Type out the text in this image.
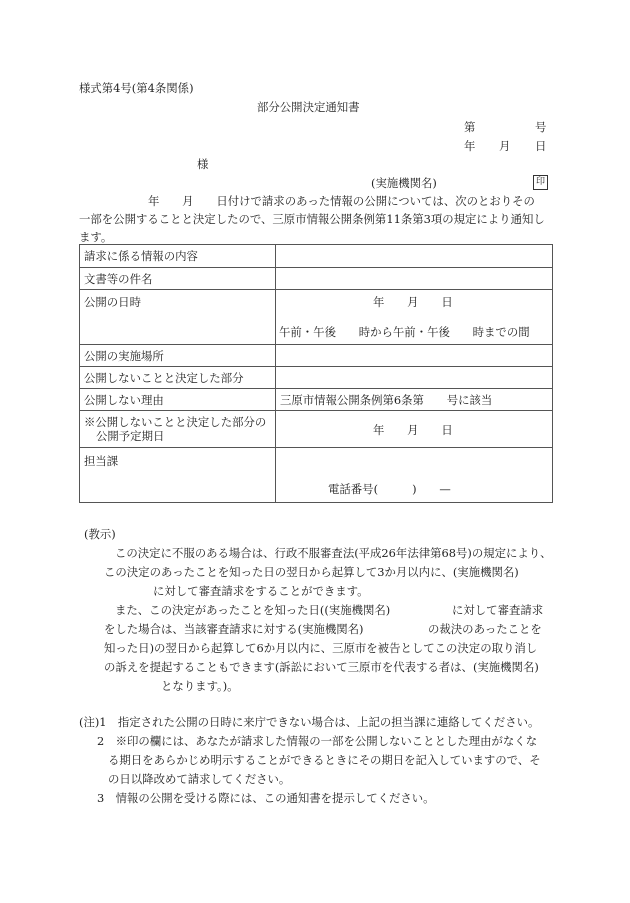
様式第4号(第4条関係)
部分公開決定通知書
第	号
年 月 日
様
(実施機関名)	印
年　　月　　日付けで請求のあった情報の公開については、次のとおりその
一部を公開することと決定したので、三原市情報公開条例第11条第3項の規定により通知し
ます。
請求に係る情報の内容	
文書等の件名	
公開の日時	年　　月　　日
午前・午後　　時から午前・午後　　時までの間

公開の実施場所	
公開しないことと決定した部分	
公開しない理由	三原市情報公開条例第6条第　　号に該当

※公開しないことと決定した部分の
公開予定期日	年　　月　　日

担当課	電話番号(　　　)　　—
(教示)
この決定に不服のある場合は、行政不服審査法(平成26年法律第68号)の規定により、
この決定のあったことを知った日の翌日から起算して3か月以内に、(実施機関名)
に対して審査請求をすることができます。
また、この決定があったことを知った日((実施機関名)	に対して審査請求
をした場合は、当該審査請求に対する(実施機関名)	の裁決のあったことを
知った日)の翌日から起算して6か月以内に、三原市を被告としてこの決定の取り消し
の訴えを提起することもできます(訴訟において三原市を代表する者は、(実施機関名)
となります。)。
(注)1　指定された公開の日時に来庁できない場合は、上記の担当課に連絡してください。
2　※印の欄には、あなたが請求した情報の一部を公開しないこととした理由がなくな
る期日をあらかじめ明示することができるときにその期日を記入していますので、そ
の日以降改めて請求してください。
3　情報の公開を受ける際には、この通知書を提示してください。
